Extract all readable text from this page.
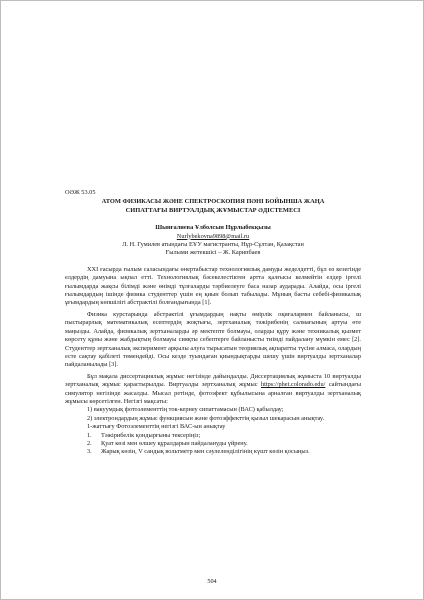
ОӘЖ 53.05
АТОМ ФИЗИКАСЫ ЖӘНЕ СПЕКТРОСКОПИЯ ПӘНІ БОЙЫНША ЖАҢА
СИПАТТАҒЫ ВИРТУАЛДЫҚ ЖҰМЫСТАР ӘДІСТЕМЕСІ
Шынғалиева Ұлболсын Нұрлыбекқызы
Nurlybekovna9898@mail.ru
Л. Н. Гумилев атындағы ЕҰУ магистранты, Нұр-Сұлтан, Қазақстан
Ғылыми жетекшісі – Ж. Карипбаев

XXI ғасырда ғылым саласындағы өнертабыстар технологиялық дамуды жеделдетті, бұл өз кезегінде елдердің дамуына ықпал етті. Технологиялық бәсекелестіктен артта қалғысы келмейтін елдер іргелі ғылымдарда жақсы білімді және өнімді тұлғаларды тәрбиелеуге баса назар аударады. Алайда, осы іргелі ғылымдардың ішінде физика студенттер үшін ең қиын болып табылады. Мұның басты себебі-физикалық ұғымдардың көпшілігі абстрактілі болғандығында [1].

Физика курстарында абстрактілі ұғымдардың нақты өмірлік оқиғалармен байланысы, ш пыстырарлық математикалық есептердің жоқтығы, зертханалық тәжірибенің салмағының артуы өте маңызды. Алайда, физикалық зертханаларды әр мектепте болмауы, оларды құру және техникалық қызмет көрсету құны және жабдықтың болмауы сияқты себептерге байланысты тиімді пайдалану мүмкін емес [2]. Студенттер зертханалық эксперимент арқылы алуға тырысатын теориялық ақпаратты түсіне алмаса, олардың есте сақтау қабілеті төмендейді. Осы кезде туындаған қиындықтарды шешу үшін виртуалды зертханалар пайдаланылады [3].

Бұл мақала диссертациялық жұмыс негізінде дайындалды. Диссертациялық жұмыста 10 виртуалды зертханалық жұмыс қарастырылды. Виртуалды зертханалық жұмыс https://phet.colorado.edu/ сайтындағы симулятор негізінде жасалды. Мысал ретінде, фотоэфект құбылысына арналған виртуалды зертханалық жұмысы көрсетілген. Негізгі мақсаты:

1) вакуумдық фотоэлементтің ток-кернеу сипаттамасын (ВАС) қабылдау;

2) электрондардың жұмыс функциясын және фотоэффекттің қызыл шекарасын анықтау.

1-жаттығу Фотоэлементтің негізгі ВАС-ын анықтау

1.	Тәжірибелік қондырғыны тексеріңіз;
2.	Қуат көзі мен өлшеу құралдарын пайдалануды үйрену.
3.	Жарық көзін, V сандық вольтметр мен сәулеленділігінің күшт көзін қосыңыз.
504
